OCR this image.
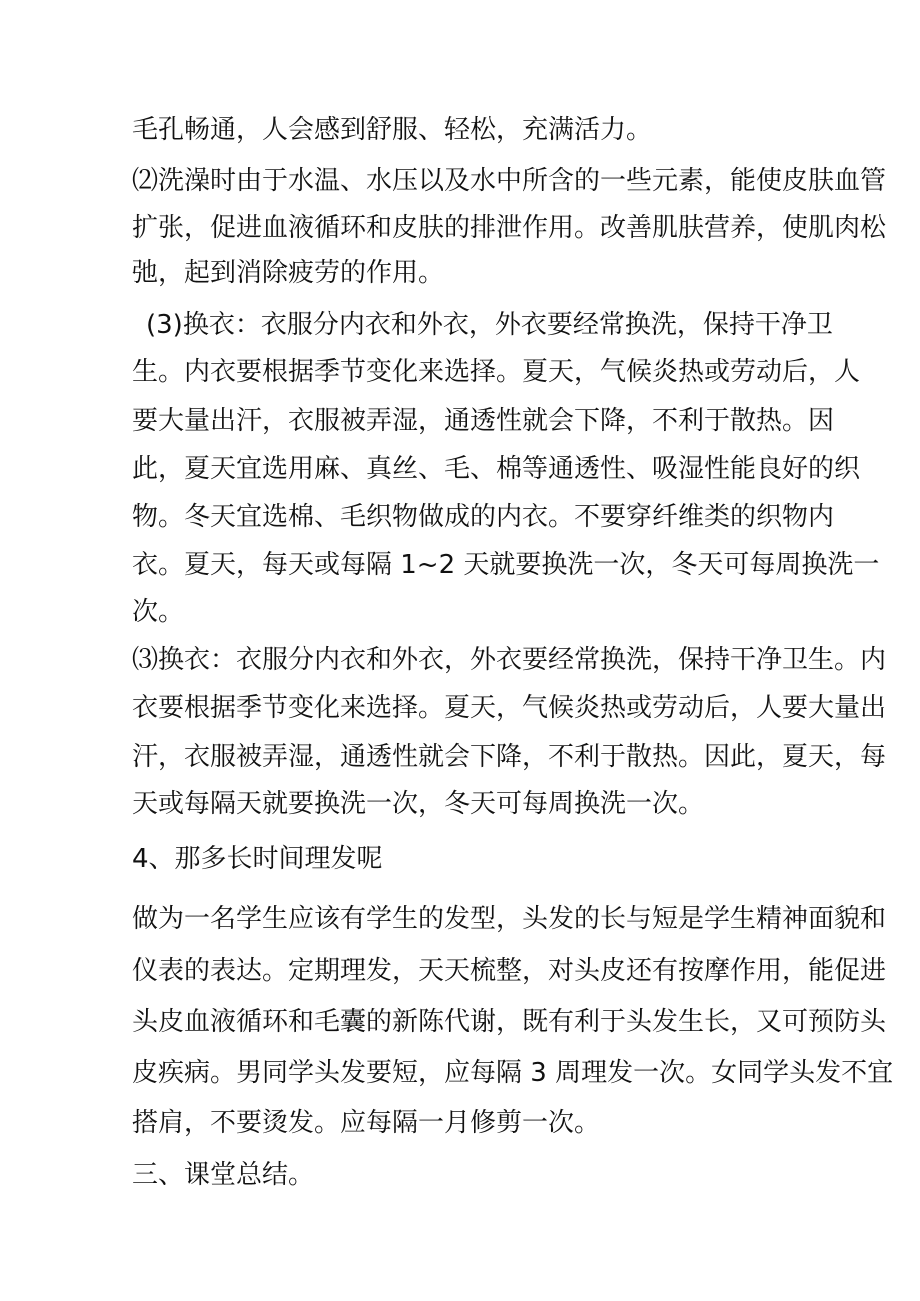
毛孔畅通，人会感到舒服、轻松，充满活力。
⑵洗澡时由于水温、水压以及水中所含的一些元素，能使皮肤血管
扩张，促进血液循环和皮肤的排泄作用。改善肌肤营养，使肌肉松
弛，起到消除疲劳的作用。
(3)换衣：衣服分内衣和外衣，外衣要经常换洗，保持干净卫
生。内衣要根据季节变化来选择。夏天，气候炎热或劳动后，人
要大量出汗，衣服被弄湿，通透性就会下降，不利于散热。因
此，夏天宜选用麻、真丝、毛、棉等通透性、吸湿性能良好的织
物。冬天宜选棉、毛织物做成的内衣。不要穿纤维类的织物内
衣。夏天，每天或每隔 1~2 天就要换洗一次，冬天可每周换洗一
次。
⑶换衣：衣服分内衣和外衣，外衣要经常换洗，保持干净卫生。内
衣要根据季节变化来选择。夏天，气候炎热或劳动后，人要大量出
汗，衣服被弄湿，通透性就会下降，不利于散热。因此，夏天，每
天或每隔天就要换洗一次，冬天可每周换洗一次。
4、那多长时间理发呢
做为一名学生应该有学生的发型，头发的长与短是学生精神面貌和
仪表的表达。定期理发，天天梳整，对头皮还有按摩作用，能促进
头皮血液循环和毛囊的新陈代谢，既有利于头发生长，又可预防头
皮疾病。男同学头发要短，应每隔 3 周理发一次。女同学头发不宜
搭肩，不要烫发。应每隔一月修剪一次。
三、课堂总结。
